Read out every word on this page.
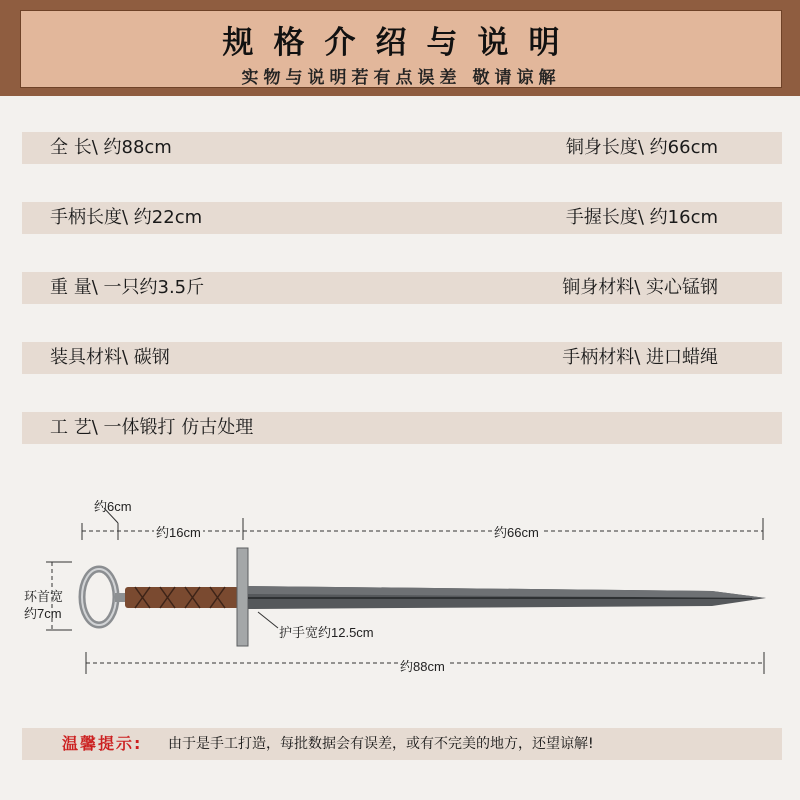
规格介绍与说明
实物与说明若有点误差 敬请谅解
全 长\ 约88cm	铜身长度\ 约66cm
手柄长度\ 约22cm	手握长度\ 约16cm
重 量\ 一只约3.5斤	锏身材料\ 实心锰钢
装具材料\ 碳钢	手柄材料\ 进口蜡绳
工 艺\ 一体锻打 仿古处理
约6cm
约16cm	约66cm
环首宽
约7cm
护手宽约12.5cm
约88cm
温馨提示: 由于是手工打造，每批数据会有误差，或有不完美的地方，还望谅解!
